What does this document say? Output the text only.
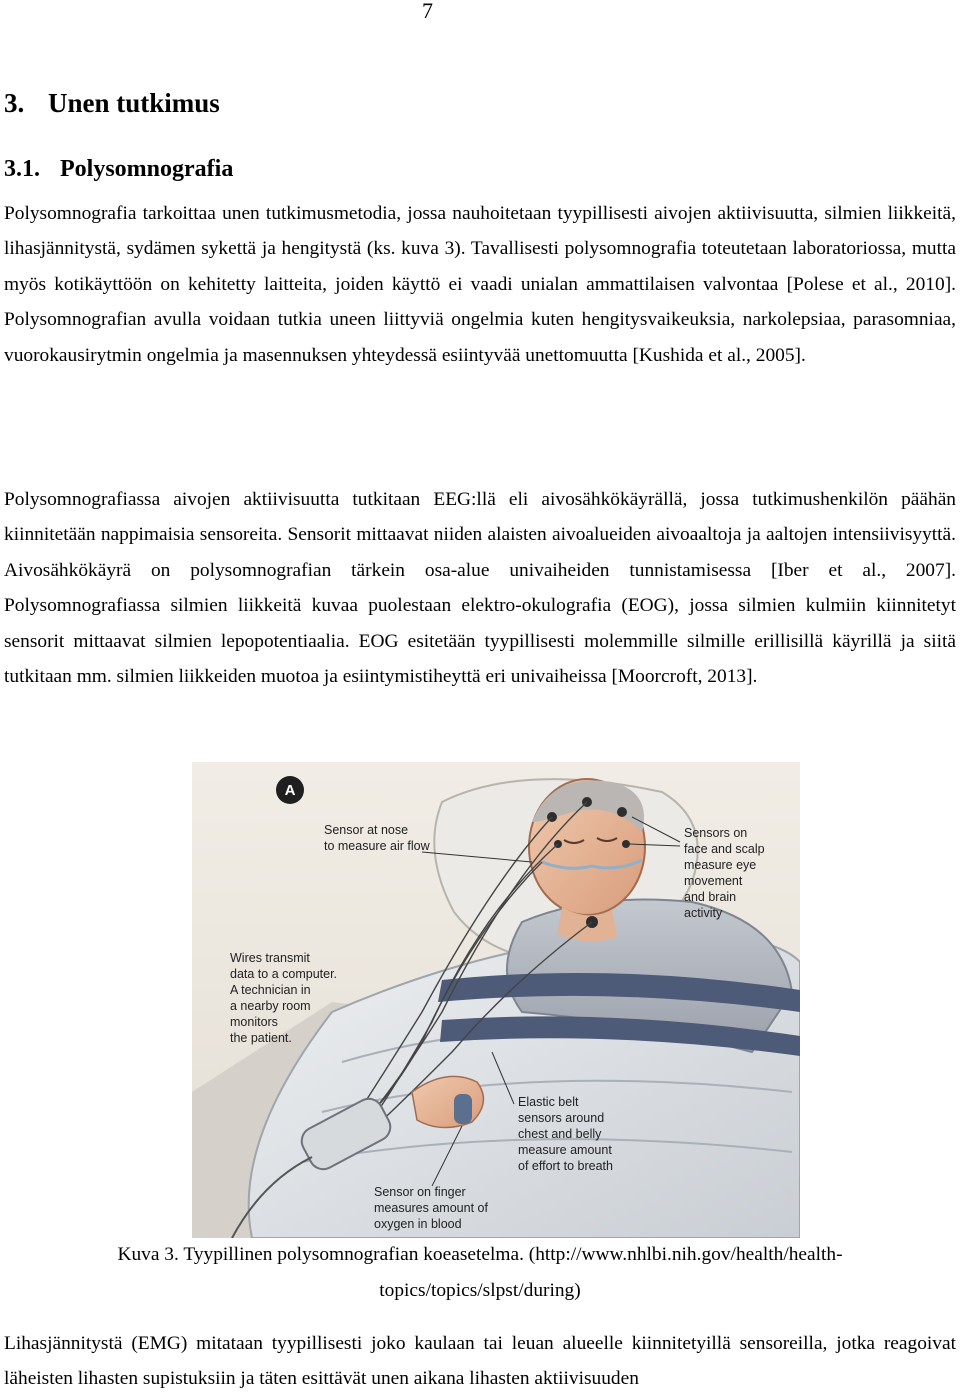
7
3. Unen tutkimus
3.1. Polysomnografia

Polysomnografia tarkoittaa unen tutkimusmetodia, jossa nauhoitetaan tyypillisesti aivojen aktiivisuutta, silmien liikkeitä, lihasjännitystä, sydämen sykettä ja hengitystä (ks. kuva 3). Tavallisesti polysomnografia toteutetaan laboratoriossa, mutta myös kotikäyttöön on kehitetty laitteita, joiden käyttö ei vaadi unialan ammattilaisen valvontaa [Polese et al., 2010]. Polysomnografian avulla voidaan tutkia uneen liittyviä ongelmia kuten hengitysvaikeuksia, narkolepsiaa, parasomniaa, vuorokausirytmin ongelmia ja masennuksen yhteydessä esiintyvää unettomuutta [Kushida et al., 2005].

Polysomnografiassa aivojen aktiivisuutta tutkitaan EEG:llä eli aivosähkökäyrällä, jossa tutkimushenkilön päähän kiinnitetään nappimaisia sensoreita. Sensorit mittaavat niiden alaisten aivoalueiden aivoaaltoja ja aaltojen intensiivisyyttä. Aivosähkökäyrä on polysomnografian tärkein osa-alue univaiheiden tunnistamisessa [Iber et al., 2007]. Polysomnografiassa silmien liikkeitä kuvaa puolestaan elektro-okulografia (EOG), jossa silmien kulmiin kiinnitetyt sensorit mittaavat silmien lepopotentiaalia. EOG esitetään tyypillisesti molemmille silmille erillisillä käyrillä ja siitä tutkitaan mm. silmien liikkeiden muotoa ja esiintymistiheyttä eri univaiheissa [Moorcroft, 2013].

A
Sensor at nose to measure air flow
Sensors on face and scalp measure eye movement and brain activity
Wires transmit data to a computer. A technician in a nearby room monitors the patient.
Elastic belt sensors around chest and belly measure amount of effort to breath
Sensor on finger measures amount of oxygen in blood

Kuva 3. Tyypillinen polysomnografian koeasetelma. (http://www.nhlbi.nih.gov/health/health-

topics/topics/slpst/during)

Lihasjännitystä (EMG) mitataan tyypillisesti joko kaulaan tai leuan alueelle kiinnitetyillä sensoreilla, jotka reagoivat läheisten lihasten supistuksiin ja täten esittävät unen aikana lihasten aktiivisuuden
